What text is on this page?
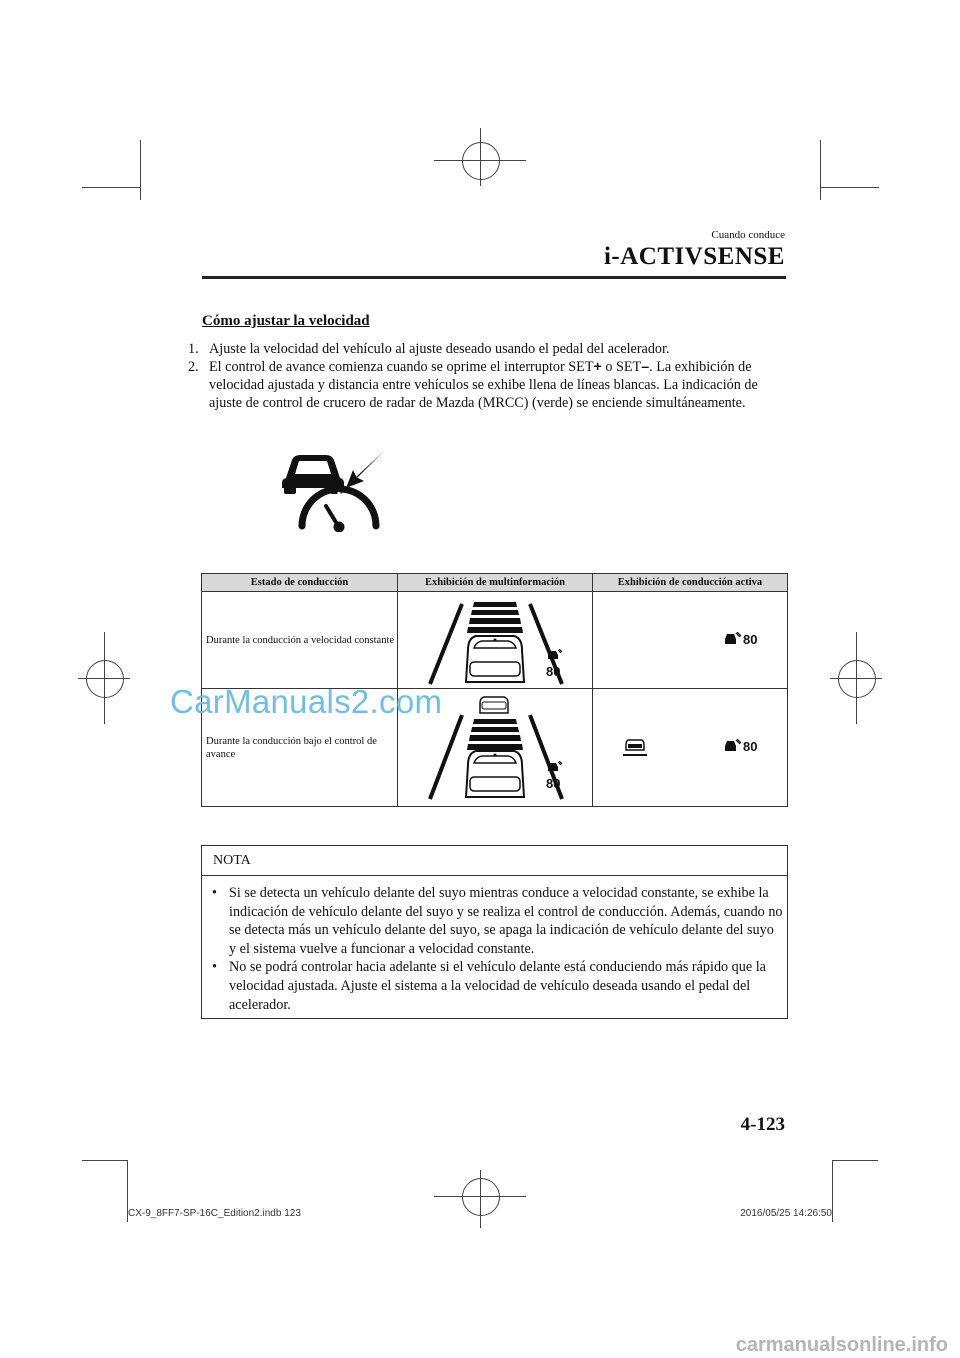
Cuando conduce
i-ACTIVSENSE
Cómo ajustar la velocidad
1. Ajuste la velocidad del vehículo al ajuste deseado usando el pedal del acelerador.
2. El control de avance comienza cuando se oprime el interruptor SET+ o SET–. La exhibición de velocidad ajustada y distancia entre vehículos se exhibe llena de líneas blancas. La indicación de ajuste de control de crucero de radar de Mazda (MRCC) (verde) se enciende simultáneamente.
Estado de conducción	Exhibición de multinformación	Exhibición de conducción activa
Durante la conducción a velocidad constante	80	80

Durante la conducción bajo el control de avance	80	80
CarManuals2.com
NOTA
• Si se detecta un vehículo delante del suyo mientras conduce a velocidad constante, se exhibe la indicación de vehículo delante del suyo y se realiza el control de conducción. Además, cuando no se detecta más un vehículo delante del suyo, se apaga la indicación de vehículo delante del suyo y el sistema vuelve a funcionar a velocidad constante.
• No se podrá controlar hacia adelante si el vehículo delante está conduciendo más rápido que la velocidad ajustada. Ajuste el sistema a la velocidad de vehículo deseada usando el pedal del acelerador.
4-123
CX-9_8FF7-SP-16C_Edition2.indb 123	2016/05/25 14:26:50
carmanualsonline.info
